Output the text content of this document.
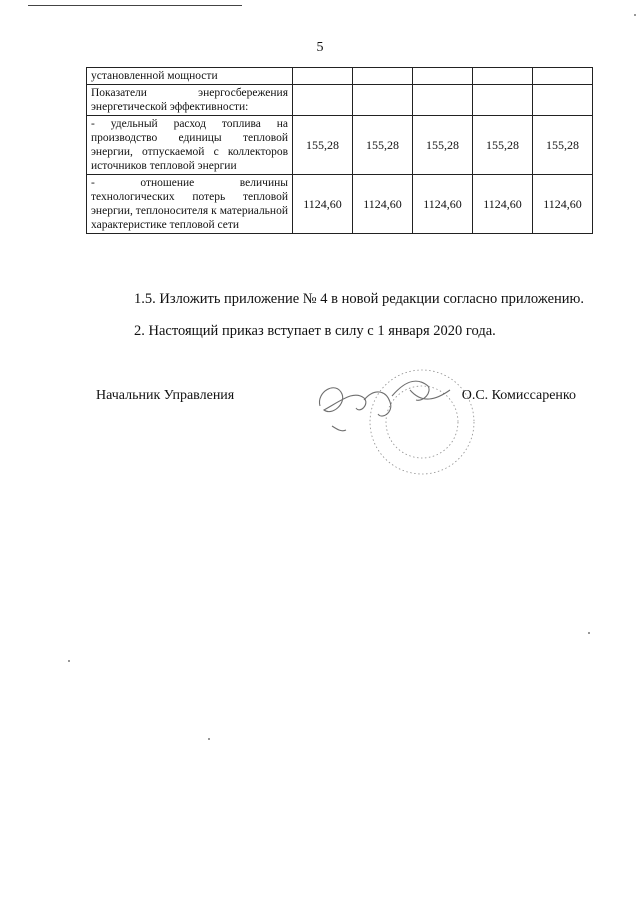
5
установленной мощности					
Показатели энергосбережения энергетической эффективности:					
- удельный расход топлива на производство единицы тепловой энергии, отпускаемой с коллекторов источников тепловой энергии	155,28	155,28	155,28	155,28	155,28
- отношение величины технологических потерь тепловой энергии, теплоносителя к материальной характеристике тепловой сети	1124,60	1124,60	1124,60	1124,60	1124,60
1.5. Изложить приложение № 4 в новой редакции согласно приложению.
2. Настоящий приказ вступает в силу с 1 января 2020 года.
Начальник Управления	О.С. Комиссаренко
